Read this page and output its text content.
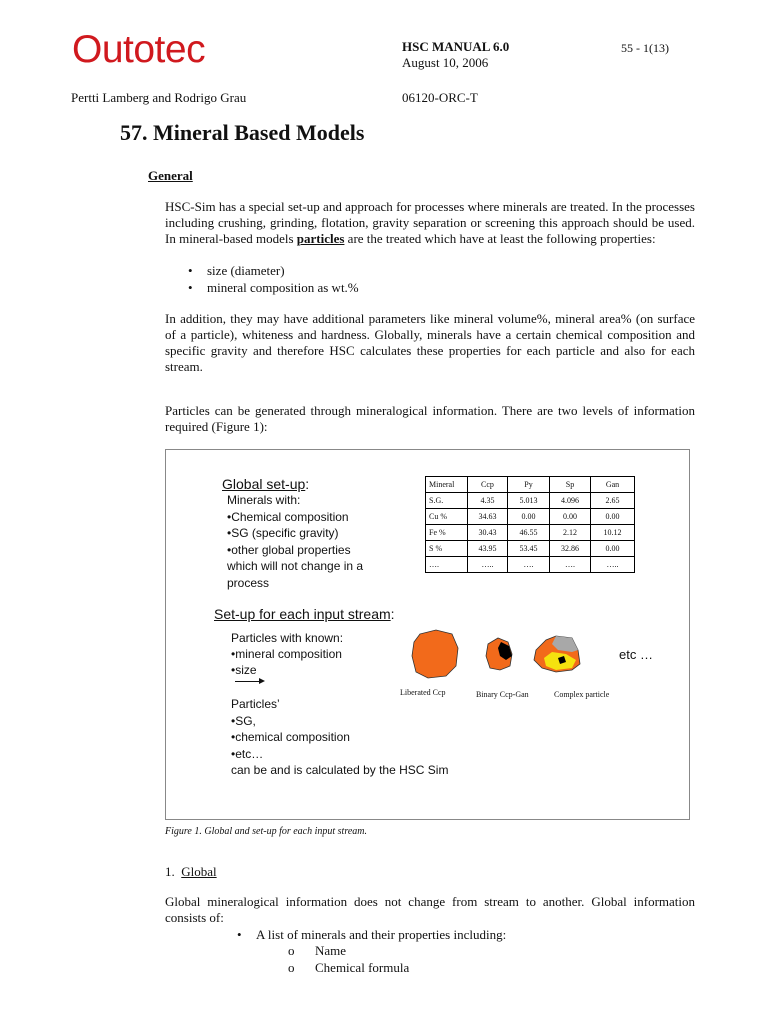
Outotec	HSC MANUAL 6.0
August 10, 2006
55 - 1(13)
Pertti Lamberg and Rodrigo Grau	06120-ORC-T
57. Mineral Based Models
General

HSC-Sim has a special set-up and approach for processes where minerals are treated. In the processes including crushing, grinding, flotation, gravity separation or screening this approach should be used. In mineral-based models particles are the treated which have at least the following properties:

• size (diameter)
• mineral composition as wt.%

In addition, they may have additional parameters like mineral volume%, mineral area% (on surface of a particle), whiteness and hardness. Globally, minerals have a certain chemical composition and specific gravity and therefore HSC calculates these properties for each particle and also for each stream.

Particles can be generated through mineralogical information. There are two levels of information required (Figure 1):

Global set-up:
Minerals with:
•Chemical composition
•SG (specific gravity)
•other global properties
which will not change in a
process
Mineral	Ccp	Py	Sp	Gan
S.G.	4.35	5.013	4.096	2.65
Cu %	34.63	0.00	0.00	0.00
Fe %	30.43	46.55	2.12	10.12
S %	43.95	53.45	32.86	0.00
….	…..	….	….	…..
Set-up for each input stream:
Particles with known:
•mineral composition
•size
Particles’
•SG,
•chemical composition
•etc…
can be and is calculated by the HSC Sim
Liberated Ccp	Binary Ccp-Gan	Complex particle
etc …
Figure 1. Global and set-up for each input stream.
1. Global

Global mineralogical information does not change from stream to another. Global information consists of:

• A list of minerals and their properties including:
o Name
o Chemical formula
